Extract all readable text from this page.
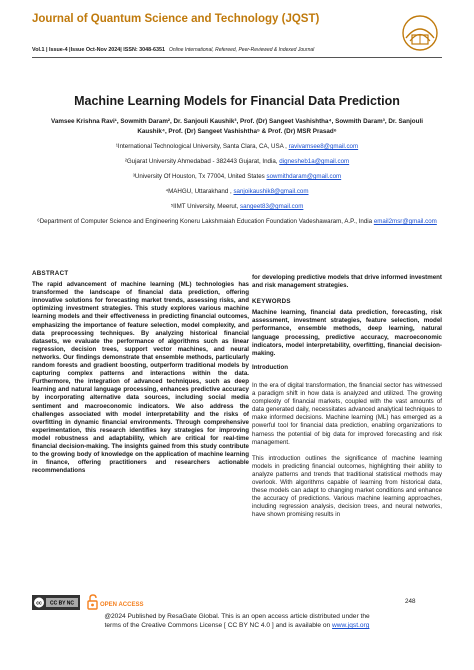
Journal of Quantum Science and Technology (JQST)
Vol.1 | Issue-4 |Issue Oct-Nov 2024| ISSN: 3048-6351 Online International, Refereed, Peer-Reviewed & Indexed Journal
Machine Learning Models for Financial Data Prediction
Vamsee Krishna Ravi¹, Sowmith Daram², Dr. Sanjouli Kaushik³, Prof. (Dr) Sangeet Vashishtha⁴, Sowmith Daram³, Dr. Sanjouli Kaushik⁴, Prof. (Dr) Sangeet Vashishtha⁵ & Prof. (Dr) MSR Prasad⁶
¹International Technological University, Santa Clara, CA, USA , ravivamsee8@gmail.com
²Gujarat University Ahmedabad - 382443 Gujarat, India, dignesheb1a@gmail.com
³University Of Houston, Tx 77004, United States sowmithdaram@gmail.com
⁴MAHGU, Uttarakhand , sanjoikaushik8@gmail.com
⁵IIMT University, Meerut, sangeet83@gmail.com
⁶Department of Computer Science and Engineering Koneru Lakshmaiah Education Foundation Vadeshawaram, A.P., India email2msr@gmail.com
ABSTRACT
The rapid advancement of machine learning (ML) technologies has transformed the landscape of financial data prediction, offering innovative solutions for forecasting market trends, assessing risks, and optimizing investment strategies. This study explores various machine learning models and their effectiveness in predicting financial outcomes, emphasizing the importance of feature selection, model complexity, and data preprocessing techniques. By analyzing historical financial datasets, we evaluate the performance of algorithms such as linear regression, decision trees, support vector machines, and neural networks. Our findings demonstrate that ensemble methods, particularly random forests and gradient boosting, outperform traditional models by capturing complex patterns and interactions within the data. Furthermore, the integration of advanced techniques, such as deep learning and natural language processing, enhances predictive accuracy by incorporating alternative data sources, including social media sentiment and macroeconomic indicators. We also address the challenges associated with model interpretability and the risks of overfitting in dynamic financial environments. Through comprehensive experimentation, this research identifies key strategies for improving model robustness and adaptability, which are critical for real-time financial decision-making. The insights gained from this study contribute to the growing body of knowledge on the application of machine learning in finance, offering practitioners and researchers actionable recommendations
for developing predictive models that drive informed investment and risk management strategies.
KEYWORDS
Machine learning, financial data prediction, forecasting, risk assessment, investment strategies, feature selection, model performance, ensemble methods, deep learning, natural language processing, predictive accuracy, macroeconomic indicators, model interpretability, overfitting, financial decision-making.
Introduction
In the era of digital transformation, the financial sector has witnessed a paradigm shift in how data is analyzed and utilized. The growing complexity of financial markets, coupled with the vast amounts of data generated daily, necessitates advanced analytical techniques to make informed decisions. Machine learning (ML) has emerged as a powerful tool for financial data prediction, enabling organizations to harness the potential of big data for improved forecasting and risk management.
This introduction outlines the significance of machine learning models in predicting financial outcomes, highlighting their ability to analyze patterns and trends that traditional statistical methods may overlook. With algorithms capable of learning from historical data, these models can adapt to changing market conditions and enhance the accuracy of predictions. Various machine learning approaches, including regression analysis, decision trees, and neural networks, have shown promising results in
cc CC BY NC	OPEN ACCESS	248
@2024 Published by ResaGate Global. This is an open access article distributed under the
terms of the Creative Commons License [ CC BY NC 4.0 ] and is available on www.jqst.org
